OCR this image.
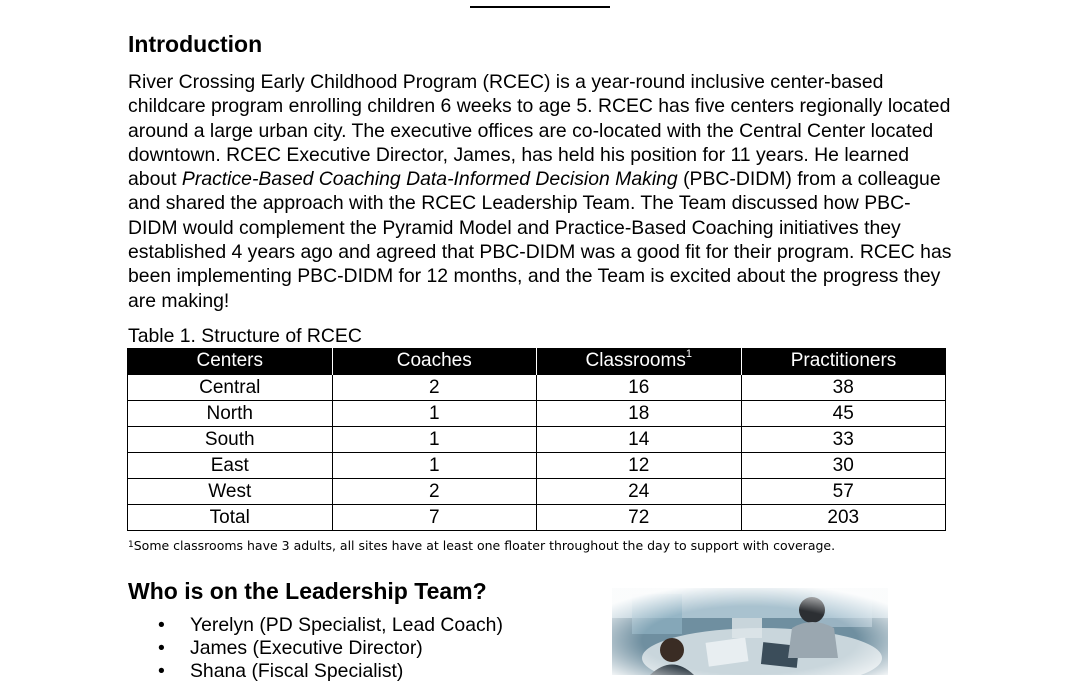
Introduction

River Crossing Early Childhood Program (RCEC) is a year-round inclusive center-based childcare program enrolling children 6 weeks to age 5. RCEC has five centers regionally located around a large urban city. The executive offices are co-located with the Central Center located downtown. RCEC Executive Director, James, has held his position for 11 years. He learned about Practice-Based Coaching Data-Informed Decision Making (PBC-DIDM) from a colleague and shared the approach with the RCEC Leadership Team. The Team discussed how PBC-DIDM would complement the Pyramid Model and Practice-Based Coaching initiatives they established 4 years ago and agreed that PBC-DIDM was a good fit for their program. RCEC has been implementing PBC-DIDM for 12 months, and the Team is excited about the progress they are making!

Table 1. Structure of RCEC

Centers	Coaches	Classrooms$^1$	Practitioners
Central	2	16	38
North	1	18	45
South	1	14	33
East	1	12	30
West	2	24	57
Total	7	72	203

$^1$Some classrooms have 3 adults, all sites have at least one floater throughout the day to support with coverage.

Who is on the Leadership Team?
• Yerelyn (PD Specialist, Lead Coach)
• James (Executive Director)
• Shana (Fiscal Specialist)
